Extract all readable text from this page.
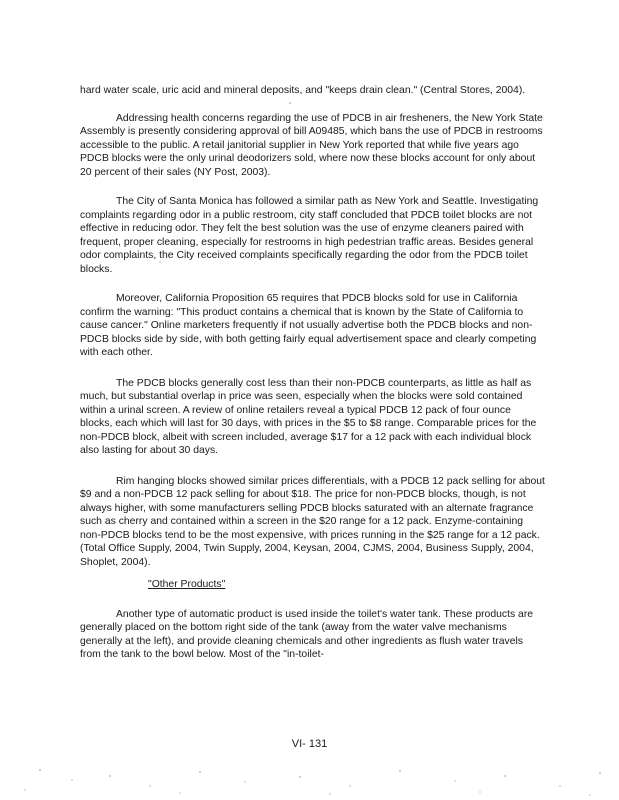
hard water scale, uric acid and mineral deposits, and "keeps drain clean." (Central Stores, 2004).

Addressing health concerns regarding the use of PDCB in air fresheners, the New York State Assembly is presently considering approval of bill A09485, which bans the use of PDCB in restrooms accessible to the public. A retail janitorial supplier in New York reported that while five years ago PDCB blocks were the only urinal deodorizers sold, where now these blocks account for only about 20 percent of their sales (NY Post, 2003).

The City of Santa Monica has followed a similar path as New York and Seattle. Investigating complaints regarding odor in a public restroom, city staff concluded that PDCB toilet blocks are not effective in reducing odor. They felt the best solution was the use of enzyme cleaners paired with frequent, proper cleaning, especially for restrooms in high pedestrian traffic areas. Besides general odor complaints, the City received complaints specifically regarding the odor from the PDCB toilet blocks.

Moreover, California Proposition 65 requires that PDCB blocks sold for use in California confirm the warning: "This product contains a chemical that is known by the State of California to cause cancer." Online marketers frequently if not usually advertise both the PDCB blocks and non-PDCB blocks side by side, with both getting fairly equal advertisement space and clearly competing with each other.

The PDCB blocks generally cost less than their non-PDCB counterparts, as little as half as much, but substantial overlap in price was seen, especially when the blocks were sold contained within a urinal screen. A review of online retailers reveal a typical PDCB 12 pack of four ounce blocks, each which will last for 30 days, with prices in the $5 to $8 range. Comparable prices for the non-PDCB block, albeit with screen included, average $17 for a 12 pack with each individual block also lasting for about 30 days.

Rim hanging blocks showed similar prices differentials, with a PDCB 12 pack selling for about $9 and a non-PDCB 12 pack selling for about $18. The price for non-PDCB blocks, though, is not always higher, with some manufacturers selling PDCB blocks saturated with an alternate fragrance such as cherry and contained within a screen in the $20 range for a 12 pack. Enzyme-containing non-PDCB blocks tend to be the most expensive, with prices running in the $25 range for a 12 pack.

(Total Office Supply, 2004, Twin Supply, 2004, Keysan, 2004, CJMS, 2004, Business Supply, 2004, Shoplet, 2004).

"Other Products"

Another type of automatic product is used inside the toilet's water tank. These products are generally placed on the bottom right side of the tank (away from the water valve mechanisms generally at the left), and provide cleaning chemicals and other ingredients as flush water travels from the tank to the bowl below. Most of the "in-toilet-

VI- 131
